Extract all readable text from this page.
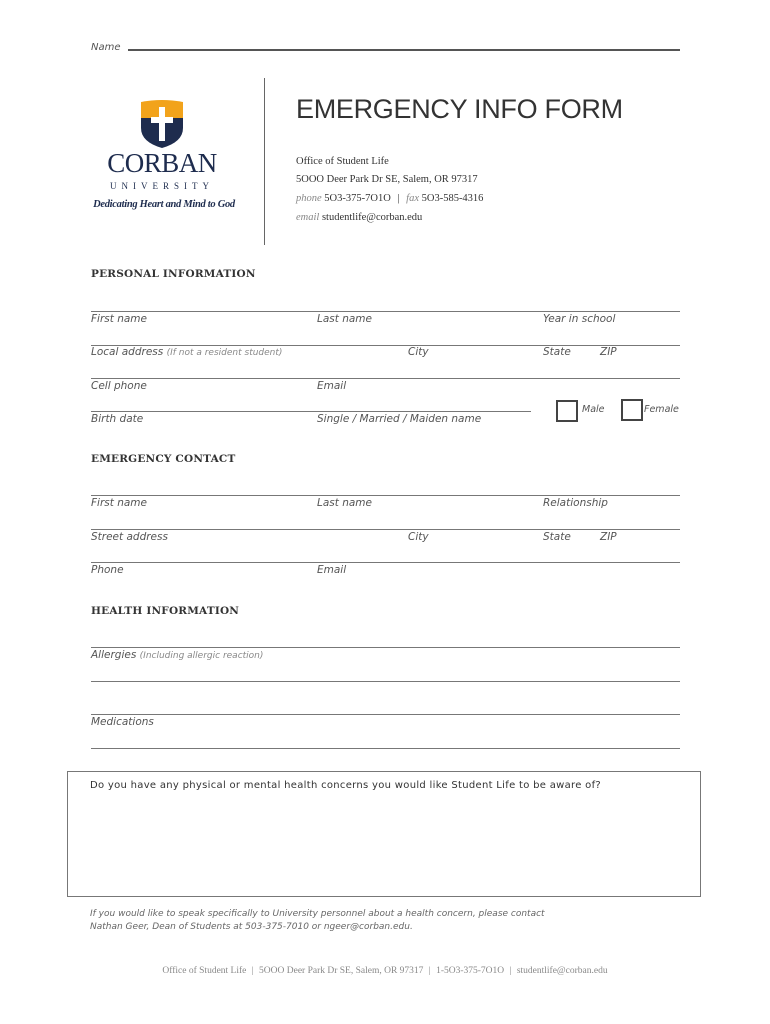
Name
CORBAN
UNIVERSITY
Dedicating Heart and Mind to God
EMERGENCY INFO FORM
Office of Student Life
5OOO Deer Park Dr SE, Salem, OR 97317
phone 5O3-375-7O1O | fax 5O3-585-4316
email studentlife@corban.edu
PERSONAL INFORMATION
First name	Last name	Year in school
Local address (If not a resident student)	City	State	ZIP
Cell phone	Email
Birth date	Single / Married / Maiden name
Male	Female
EMERGENCY CONTACT
First name	Last name	Relationship
Street address	City	State	ZIP
Phone	Email
HEALTH INFORMATION
Allergies (Including allergic reaction)
Medications
Do you have any physical or mental health concerns you would like Student Life to be aware of?
If you would like to speak specifically to University personnel about a health concern, please contact
Nathan Geer, Dean of Students at 503-375-7010 or ngeer@corban.edu.
Office of Student Life | 5OOO Deer Park Dr SE, Salem, OR 97317 | 1-5O3-375-7O1O | studentlife@corban.edu
